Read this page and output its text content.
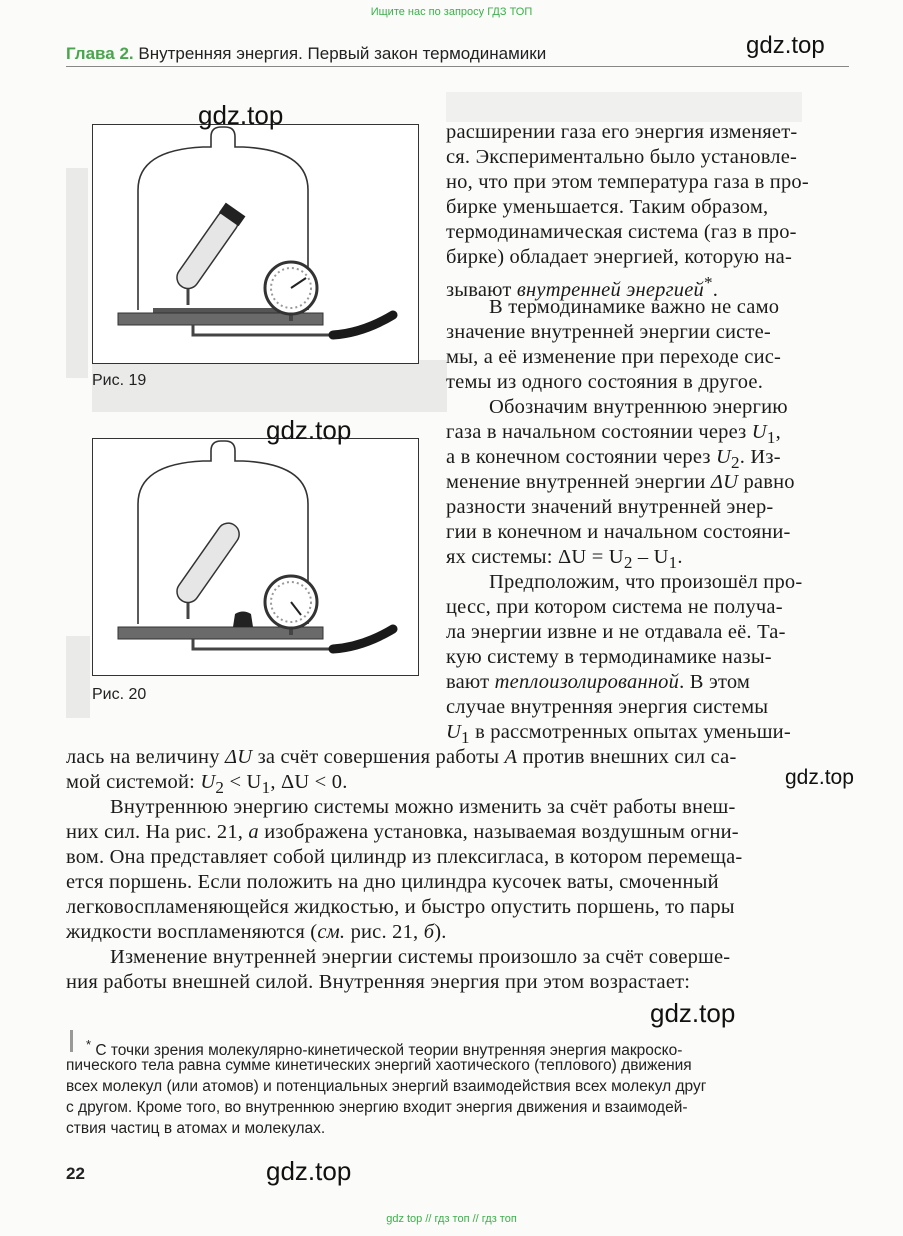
Ищите нас по запросу ГДЗ ТОП
Глава 2. Внутренняя энергия. Первый закон термодинамики	gdz.top
Рис. 19
gdz.top
Рис. 20
gdz.top
расширении газа его энергия изменяет-
ся. Экспериментально было установле-
но, что при этом температура газа в про-
бирке уменьшается. Таким образом,
термодинамическая система (газ в про-
бирке) обладает энергией, которую на-
зывают внутренней энергией*.
В термодинамике важно не само
значение внутренней энергии систе-
мы, а её изменение при переходе сис-
темы из одного состояния в другое.
Обозначим внутреннюю энергию
газа в начальном состоянии через $U_1$,
а в конечном состоянии через $U_2$. Из-
менение внутренней энергии ΔU равно
разности значений внутренней энер-
гии в конечном и начальном состояни-
ях системы: $\Delta U = U_2 - U_1$.
Предположим, что произошёл про-
цесс, при котором система не получа-
ла энергии извне и не отдавала её. Та-
кую систему в термодинамике назы-
вают теплоизолированной. В этом
случае внутренняя энергия системы
$U_1$ в рассмотренных опытах уменьши-
лась на величину ΔU за счёт совершения работы A против внешних сил са-
мой системой: $U_2 < U_1$, ΔU < 0.	gdz.top
Внутреннюю энергию системы можно изменить за счёт работы внеш-
них сил. На рис. 21, а изображена установка, называемая воздушным огни-
вом. Она представляет собой цилиндр из плексигласа, в котором перемеща-
ется поршень. Если положить на дно цилиндра кусочек ваты, смоченный
легковоспламеняющейся жидкостью, и быстро опустить поршень, то пары
жидкости воспламеняются (см. рис. 21, б).
Изменение внутренней энергии системы произошло за счёт соверше-
ния работы внешней силой. Внутренняя энергия при этом возрастает:
gdz.top
* С точки зрения молекулярно-кинетической теории внутренняя энергия макроско-
пического тела равна сумме кинетических энергий хаотического (теплового) движения
всех молекул (или атомов) и потенциальных энергий взаимодействия всех молекул друг
с другом. Кроме того, во внутреннюю энергию входит энергия движения и взаимодей-
ствия частиц в атомах и молекулах.
22	gdz.top
gdz top // гдз топ // гдз топ
